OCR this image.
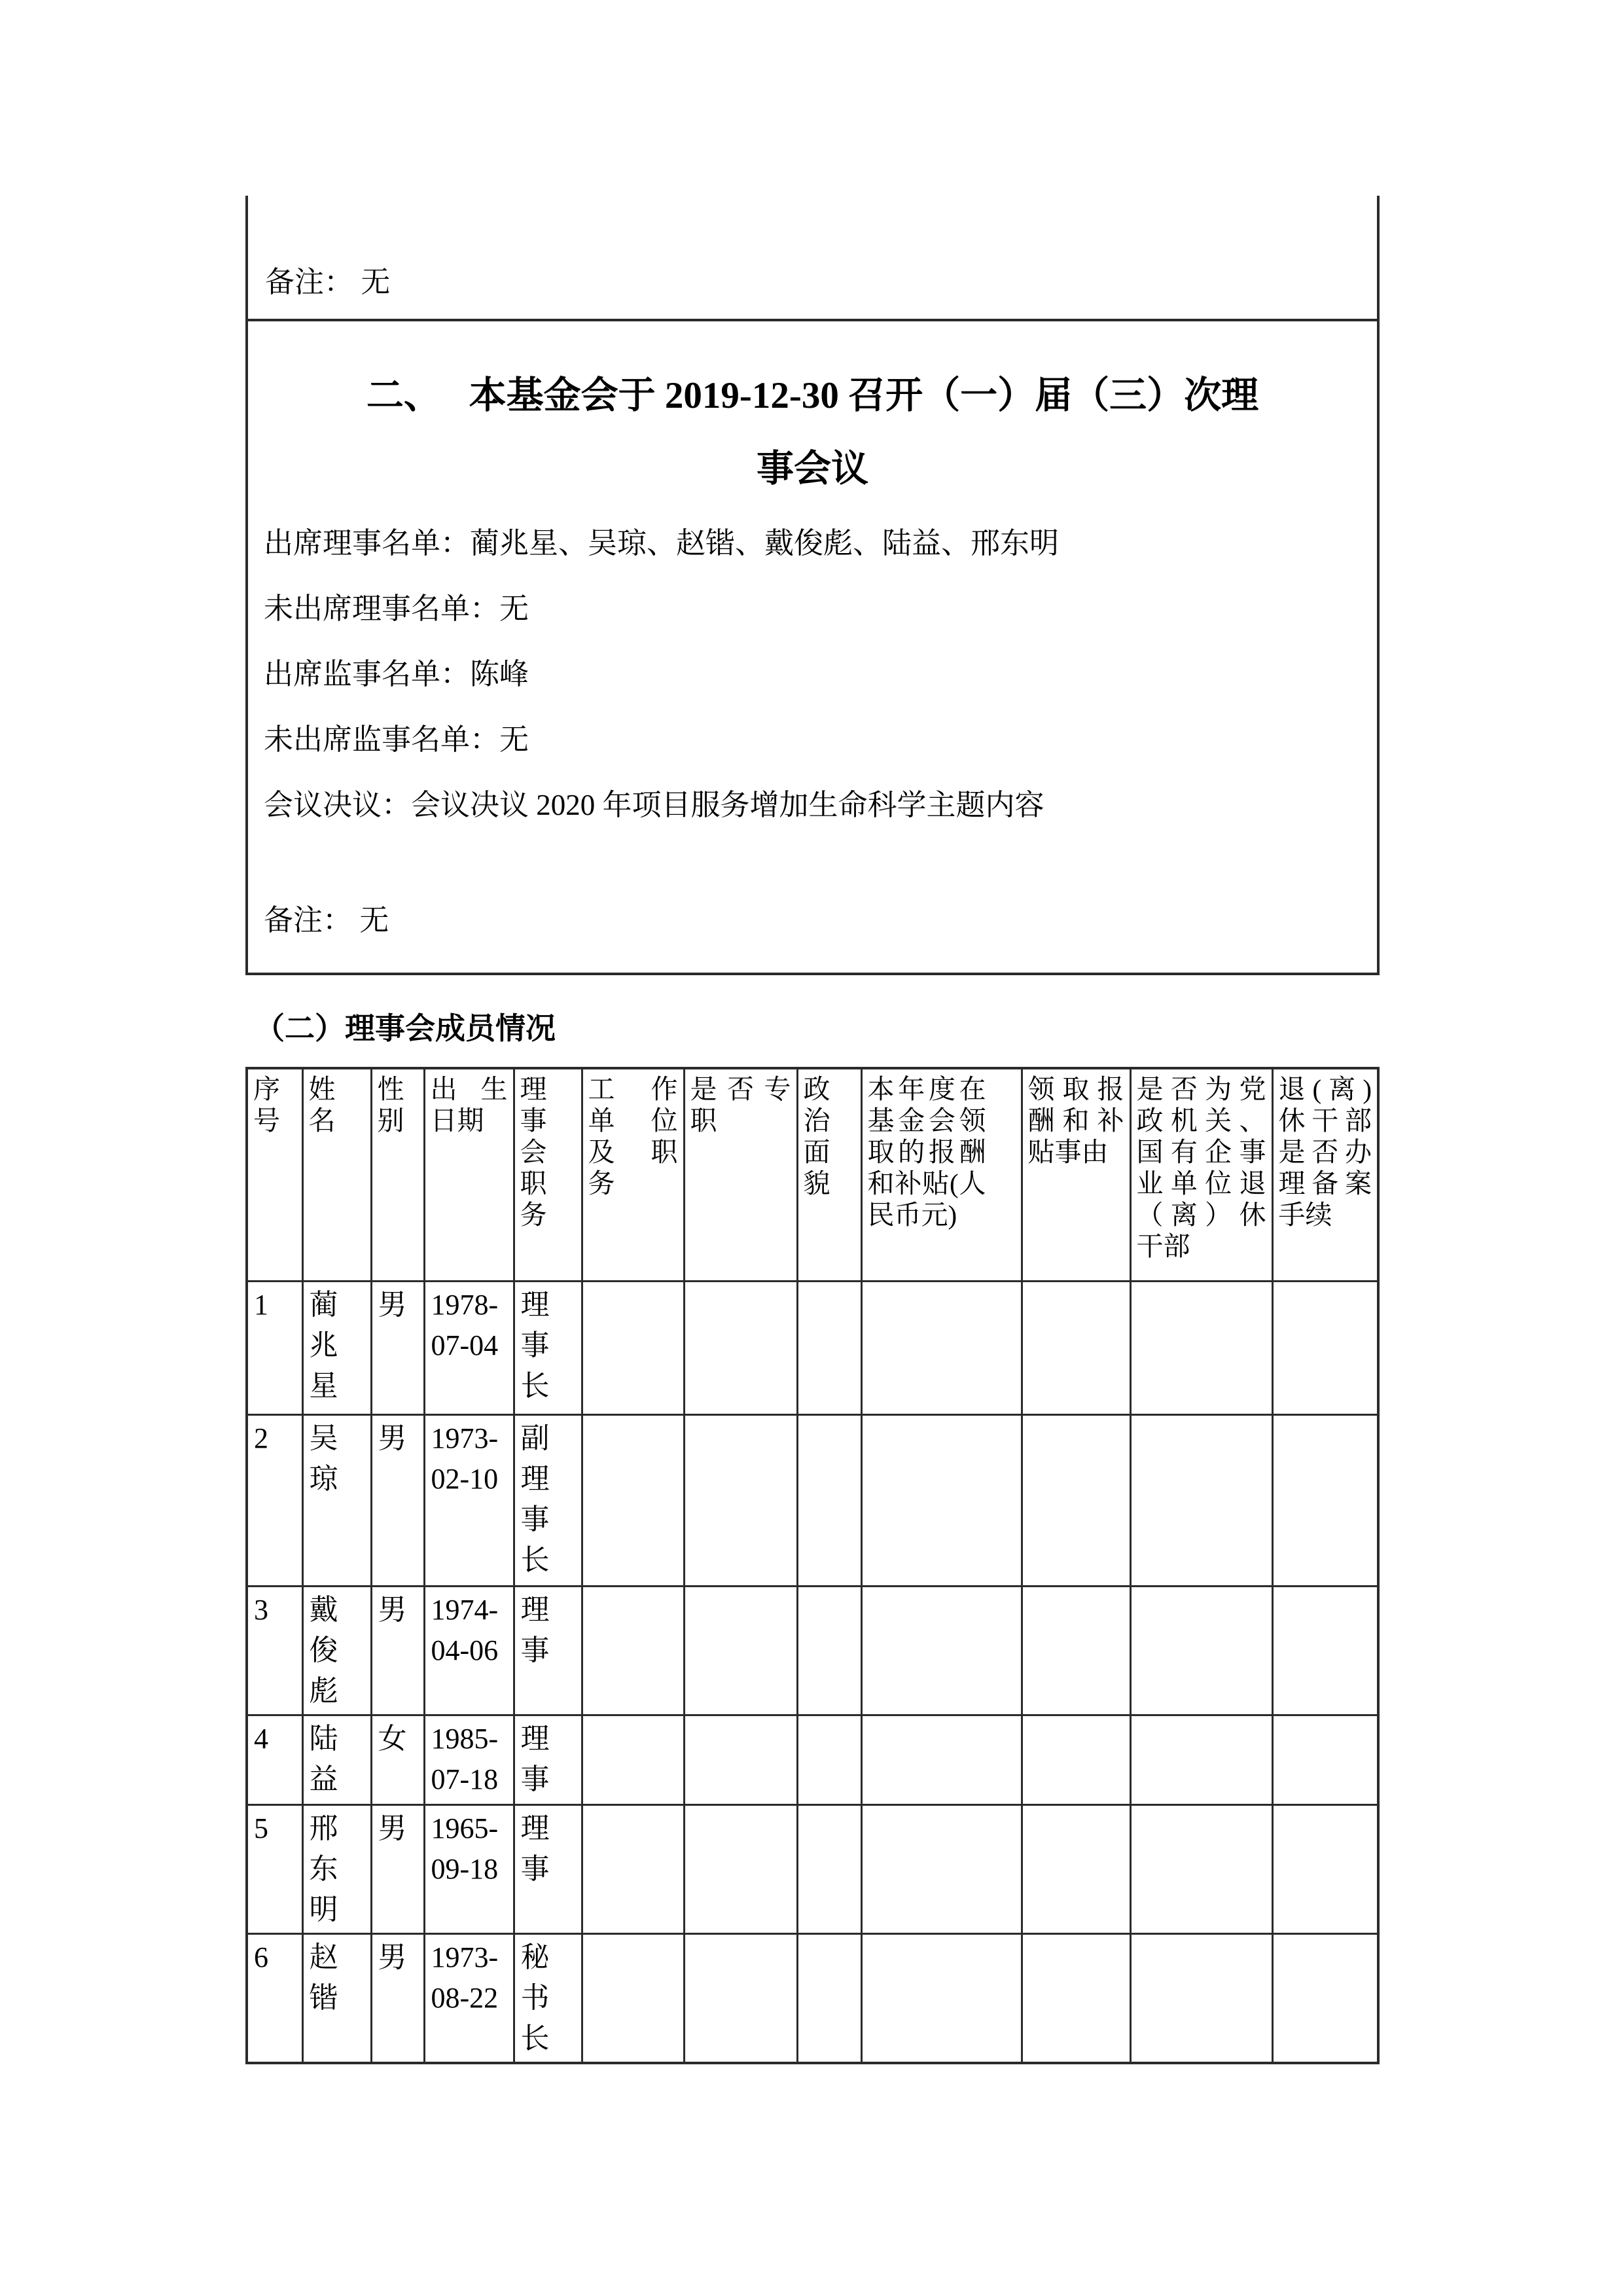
备注： 无
二、　 本基金会于 2019-12-30 召开（一）届（三）次理
事会议

出席理事名单：蔺兆星、吴琼、赵锴、戴俊彪、陆益、邢东明

未出席理事名单：无

出席监事名单：陈峰

未出席监事名单：无

会议决议：会议决议 2020 年项目服务增加生命科学主题内容

备注： 无
（二）理事会成员情况
序 号	姓 名	性 别	出生日期	理 事 会 职 务	工 作 单 位 及 职 务	是否专职	政治面貌	本年度在基金会领取的报酬和补贴(人民币元)	领取报酬和补贴事由	是否为党政机关、国有企事业单位退（离）休干部	退(离)休干部是否办理备案手续
1	蔺兆星	男	1978-07-04	理事长							
2	吴琼	男	1973-02-10	副理事长							
3	戴俊彪	男	1974-04-06	理事							
4	陆益	女	1985-07-18	理事							
5	邢东明	男	1965-09-18	理事							
6	赵锴	男	1973-08-22	秘书长							
